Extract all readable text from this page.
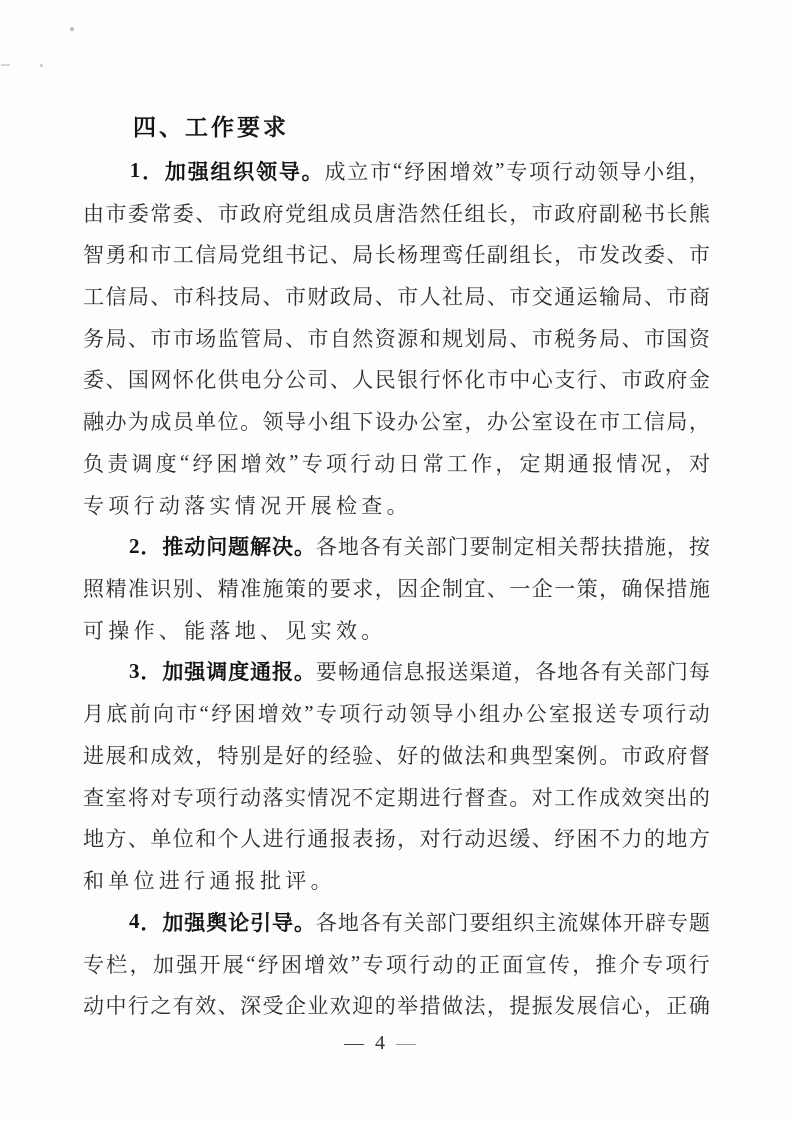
四、工作要求
1 ． 加 强 组 织 领 导 。 成 立 市 “ 纾 困 增 效 ” 专 项 行 动 领 导 小 组 ，
由 市 委 常 委 、 市 政 府 党 组 成 员 唐 浩 然 任 组 长 ， 市 政 府 副 秘 书 长 熊
智 勇 和 市 工 信 局 党 组 书 记 、 局 长 杨 理 鸾 任 副 组 长 ， 市 发 改 委 、 市
工 信 局 、 市 科 技 局 、 市 财 政 局 、 市 人 社 局 、 市 交 通 运 输 局 、 市 商
务 局 、 市 市 场 监 管 局 、 市 自 然 资 源 和 规 划 局 、 市 税 务 局 、 市 国 资
委 、 国 网 怀 化 供 电 分 公 司 、 人 民 银 行 怀 化 市 中 心 支 行 、 市 政 府 金
融 办 为 成 员 单 位 。 领 导 小 组 下 设 办 公 室 ， 办 公 室 设 在 市 工 信 局 ，
负 责 调 度 “ 纾 困 增 效 ” 专 项 行 动 日 常 工 作 ， 定 期 通 报 情 况 ， 对
专 项 行 动 落 实 情 况 开 展 检 查 。
2 ． 推 动 问 题 解 决 。 各 地 各 有 关 部 门 要 制 定 相 关 帮 扶 措 施 ， 按
照 精 准 识 别 、 精 准 施 策 的 要 求 ， 因 企 制 宜 、 一 企 一 策 ， 确 保 措 施
可 操 作 、 能 落 地 、 见 实 效 。
3 ． 加 强 调 度 通 报 。 要 畅 通 信 息 报 送 渠 道 ， 各 地 各 有 关 部 门 每
月 底 前 向 市 “ 纾 困 增 效 ” 专 项 行 动 领 导 小 组 办 公 室 报 送 专 项 行 动
进 展 和 成 效 ， 特 别 是 好 的 经 验 、 好 的 做 法 和 典 型 案 例 。 市 政 府 督
查 室 将 对 专 项 行 动 落 实 情 况 不 定 期 进 行 督 查 。 对 工 作 成 效 突 出 的
地 方 、 单 位 和 个 人 进 行 通 报 表 扬 ， 对 行 动 迟 缓 、 纾 困 不 力 的 地 方
和 单 位 进 行 通 报 批 评 。
4 ． 加 强 舆 论 引 导 。 各 地 各 有 关 部 门 要 组 织 主 流 媒 体 开 辟 专 题
专 栏 ， 加 强 开 展 “ 纾 困 增 效 ” 专 项 行 动 的 正 面 宣 传 ， 推 介 专 项 行
动 中 行 之 有 效 、 深 受 企 业 欢 迎 的 举 措 做 法 ， 提 振 发 展 信 心 ， 正 确
— 4 —
